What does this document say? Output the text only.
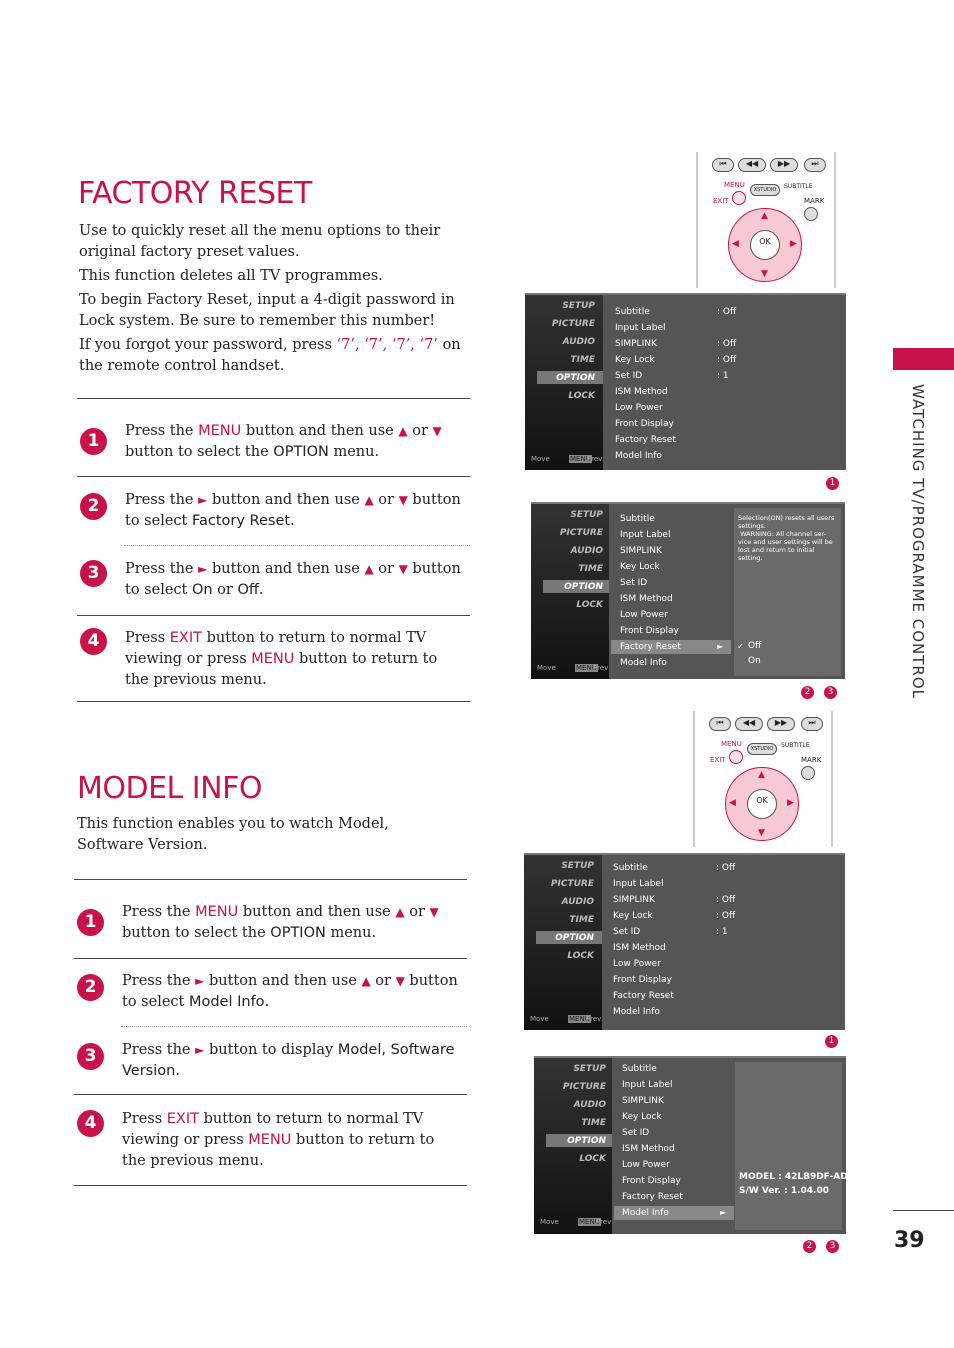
FACTORY RESET

Use to quickly reset all the menu options to their original factory preset values.

This function deletes all TV programmes.

To begin Factory Reset, input a 4-digit password in Lock system. Be sure to remember this number!

If you forgot your password, press ‘7’, ‘7’, ‘7’, ‘7’ on the remote control handset.

1	Press the MENU button and then use ▲ or ▼ button to select the OPTION menu.
2	Press the ► button and then use ▲ or ▼ button to select Factory Reset.
3	Press the ► button and then use ▲ or ▼ button to select On or Off.
4	Press EXIT button to return to normal TV viewing or press MENU button to return to the previous menu.
MODEL INFO
This function enables you to watch Model, Software Version.
1	Press the MENU button and then use ▲ or ▼ button to select the OPTION menu.
2	Press the ► button and then use ▲ or ▼ button to select Model Info.
3	Press the ► button to display Model, Software Version.
4	Press EXIT button to return to normal TV viewing or press MENU button to return to the previous menu.
WATCHING TV/PROGRAMME CONTROL
39
⏮	◀◀	▶▶	⏭
MENU
XSTUDIO	SUBTITLE
EXIT	MARK
OK
▲
▼
◀	▶
SETUP
PICTURE
AUDIO
TIME
OPTION
LOCK
Move	MENU
Prev
Subtitle	: Off
Input Label
SIMPLINK	: Off
Key Lock	: Off
Set ID	: 1
ISM Method
Low Power
Front Display
Factory Reset
Model Info
1
SETUP
PICTURE
AUDIO
TIME
OPTION
LOCK
Move	MENU
Prev
Subtitle
Input Label
SIMPLINK
Key Lock
Set ID
ISM Method
Low Power
Front Display
Factory Reset	►
Model Info
Selection(ON) resets all users settings.
WARNING: All channel ser-vice and user settings will be lost and return to initial setting.
✓ Off
On
2	3
⏮	◀◀	▶▶	⏭
MENU
XSTUDIO	SUBTITLE
EXIT	MARK
OK
▲
▼
◀	▶
SETUP
PICTURE
AUDIO
TIME
OPTION
LOCK
Move	MENU
Prev
Subtitle	: Off
Input Label
SIMPLINK	: Off
Key Lock	: Off
Set ID	: 1
ISM Method
Low Power
Front Display
Factory Reset
Model Info
1
SETUP
PICTURE
AUDIO
TIME
OPTION
LOCK
Move	MENU
Prev
Subtitle
Input Label
SIMPLINK
Key Lock
Set ID
ISM Method
Low Power
Front Display
Factory Reset
Model Info	►
MODEL : 42LB9DF-AD
S/W Ver. : 1.04.00
2	3
